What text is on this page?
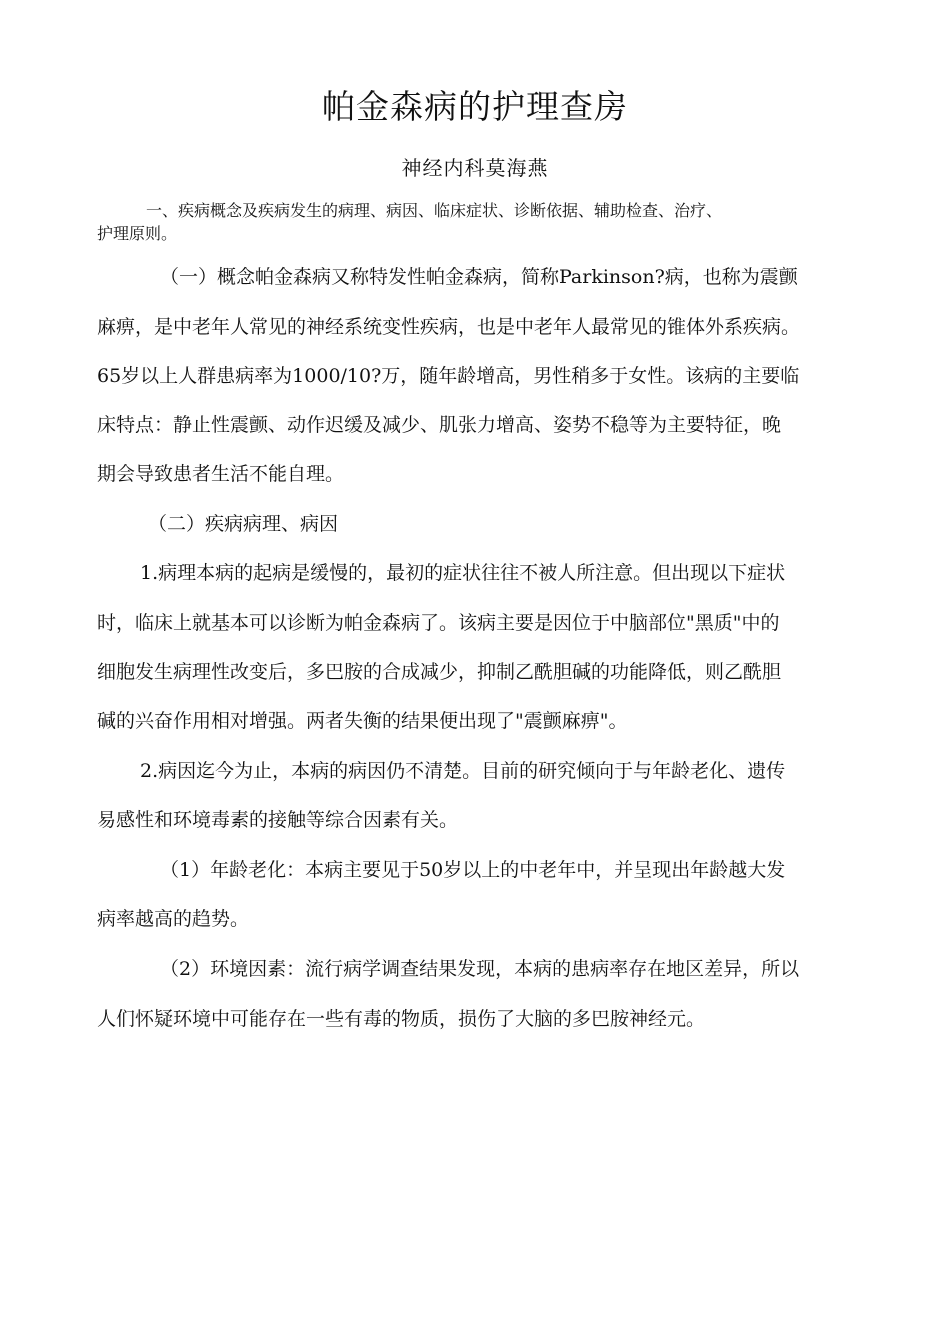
帕金森病的护理查房
神经内科莫海燕
一、疾病概念及疾病发生的病理、病因、临床症状、诊断依据、辅助检查、治疗、
护理原则。
（一）概念帕金森病又称特发性帕金森病，简称Parkinson?病，也称为震颤
麻痹，是中老年人常见的神经系统变性疾病，也是中老年人最常见的锥体外系疾病。
65岁以上人群患病率为1000/10?万，随年龄增高，男性稍多于女性。该病的主要临
床特点：静止性震颤、动作迟缓及减少、肌张力增高、姿势不稳等为主要特征，晚
期会导致患者生活不能自理。
（二）疾病病理、病因
1.病理本病的起病是缓慢的，最初的症状往往不被人所注意。但出现以下症状
时，临床上就基本可以诊断为帕金森病了。该病主要是因位于中脑部位"黑质"中的
细胞发生病理性改变后，多巴胺的合成减少，抑制乙酰胆碱的功能降低，则乙酰胆
碱的兴奋作用相对增强。两者失衡的结果便出现了"震颤麻痹"。
2.病因迄今为止，本病的病因仍不清楚。目前的研究倾向于与年龄老化、遗传
易感性和环境毒素的接触等综合因素有关。
（1）年龄老化：本病主要见于50岁以上的中老年中，并呈现出年龄越大发
病率越高的趋势。
（2）环境因素：流行病学调查结果发现，本病的患病率存在地区差异，所以
人们怀疑环境中可能存在一些有毒的物质，损伤了大脑的多巴胺神经元。
